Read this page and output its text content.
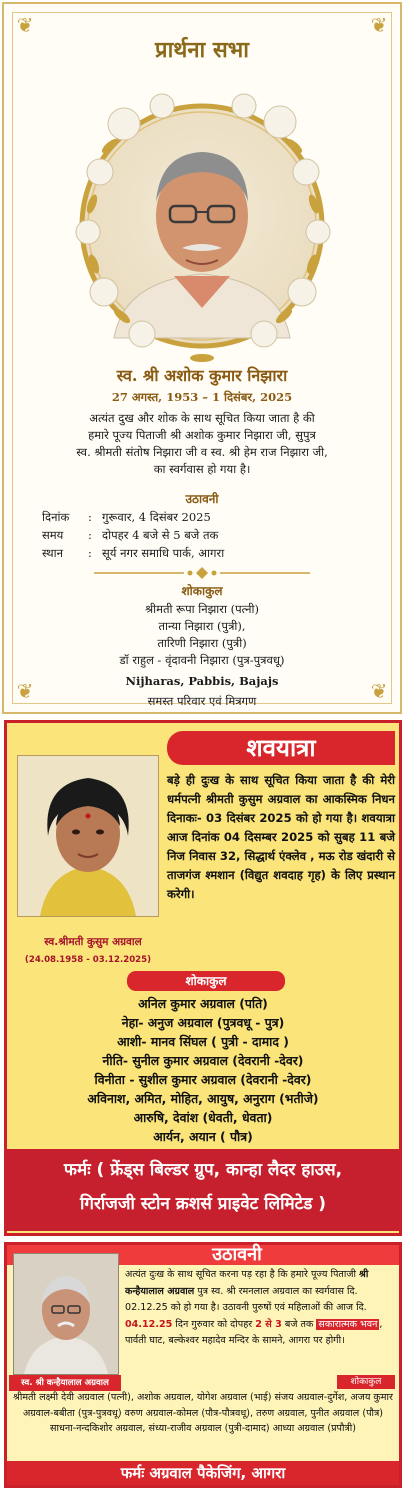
❦	❦
❦	❦
प्रार्थना सभा
स्व. श्री अशोक कुमार निझारा
27 अगस्त, 1953 – 1 दिसंबर, 2025
अत्यंत दुख और शोक के साथ सूचित किया जाता है की
हमारे पूज्य पिताजी श्री अशोक कुमार निझारा जी, सुपुत्र
स्व. श्रीमती संतोष निझारा जी व स्व. श्री हेम राज निझारा जी,
का स्वर्गवास हो गया है।
उठावनी
दिनांक : गुरूवार, 4 दिसंबर 2025
समय : दोपहर 4 बजे से 5 बजे तक
स्थान : सूर्य नगर समाधि पार्क, आगरा
शोकाकुल
श्रीमती रूपा निझारा (पत्नी)
तान्या निझारा (पुत्री),
तारिणी निझारा (पुत्री)
डॉ राहुल - वृंदावनी निझारा (पुत्र-पुत्रवधू)
Nijharas, Pabbis, Bajajs
समस्त परिवार एवं मित्रगण
शवयात्रा
बड़े ही दुःख के साथ सूचित किया जाता है की मेरी धर्मपत्नी श्रीमती कुसुम अग्रवाल का आकस्मिक निधन दिनाकः- 03 दिसंबर 2025 को हो गया है। शवयात्रा आज दिनांक 04 दिसम्बर 2025 को सुबह 11 बजे निज निवास 32, सिद्धार्थ एंक्लेव , मऊ रोड खंदारी से ताजगंज श्मशान (विद्युत शवदाह गृह) के लिए प्रस्थान करेगी।
स्व.श्रीमती कुसुम अग्रवाल
(24.08.1958 - 03.12.2025)
शोकाकुल
अनिल कुमार अग्रवाल (पति)
नेहा- अनुज अग्रवाल (पुत्रवधू - पुत्र)
आशी- मानव सिंघल ( पुत्री - दामाद )
नीति- सुनील कुमार अग्रवाल (देवरानी -देवर)
विनीता - सुशील कुमार अग्रवाल (देवरानी -देवर)
अविनाश, अमित, मोहित, आयुष, अनुराग (भतीजे)
आरुषि, देवांश (धेवती, धेवता)
आर्यन, अयान ( पौत्र)
फर्मः ( फ्रेंड्स बिल्डर ग्रुप, कान्हा लैदर हाउस,
गिर्राजजी स्टोन क्रशर्स प्राइवेट लिमिटेड )
उठावनी
अत्यंत दुःख के साथ सूचित करना पड़ रहा है कि हमारे पूज्य पिताजी श्री कन्हैयालाल अग्रवाल पुत्र स्व. श्री रमनलाल अग्रवाल का स्वर्गवास दि. 02.12.25 को हो गया है। उठावनी पुरुषों एवं महिलाओं की आज दि. 04.12.25 दिन गुरुवार को दोपहर 2 से 3 बजे तक सकारात्मक भवन , पार्वती घाट, बल्केश्वर महादेव मन्दिर के सामने, आगरा पर होगी।
स्व. श्री कन्हैयालाल अग्रवाल	शोकाकुल
श्रीमती लक्ष्मी देवी अग्रवाल (पत्नी), अशोक अग्रवाल, योगेश अग्रवाल (भाई) संजय अग्रवाल-दुर्गेश, अजय कुमार अग्रवाल-बबीता (पुत्र-पुत्रवधू) वरुण अग्रवाल-कोमल (पौत्र-पौत्रवधू), तरुण अग्रवाल, पुनीत अग्रवाल (पौत्र) साधना-नन्दकिशोर अग्रवाल, संध्या-राजीव अग्रवाल (पुत्री-दामाद) आध्या अग्रवाल (प्रपौत्री)
फर्मः अग्रवाल पैकेजिंग, आगरा
